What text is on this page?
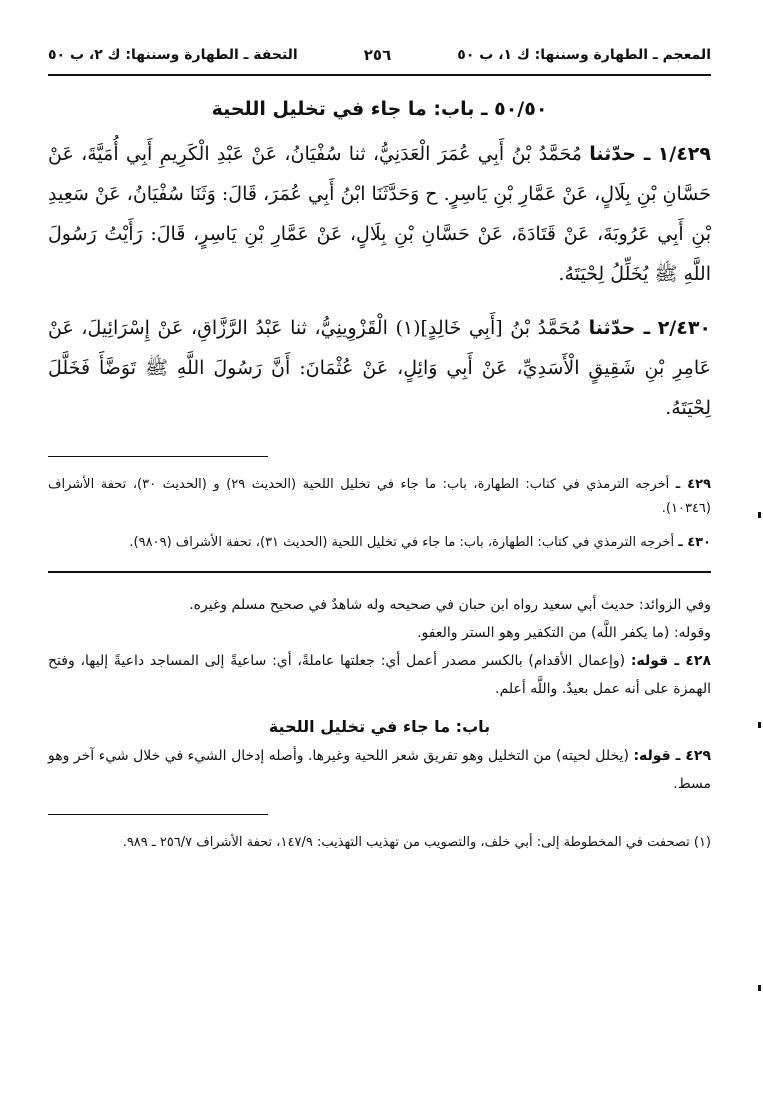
المعجم ـ الطهارة وسننها: ك ١، ب ٥٠
٢٥٦
التحفة ـ الطهارة وسننها: ك ٢، ب ٥٠
٥٠/٥٠ ـ باب: ما جاء في تخليل اللحية

١/٤٢٩ ـ حدّثنا مُحَمَّدُ بْنُ أَبِي عُمَرَ الْعَدَنِيُّ، ثنا سُفْيَانُ، عَنْ عَبْدِ الْكَرِيمِ أَبِي أُمَيَّةَ، عَنْ حَسَّانِ بْنِ بِلَالٍ، عَنْ عَمَّارِ بْنِ يَاسِرٍ. ح وَحَدَّثَنَا ابْنُ أَبِي عُمَرَ، قَالَ: وَثَنَا سُفْيَانُ، عَنْ سَعِيدِ بْنِ أَبِي عَرُوبَةَ، عَنْ قَتَادَةَ، عَنْ حَسَّانِ بْنِ بِلَالٍ، عَنْ عَمَّارِ بْنِ يَاسِرٍ، قَالَ: رَأَيْتُ رَسُولَ اللَّهِ ﷺ يُخَلِّلُ لِحْيَتَهُ.

٢/٤٣٠ ـ حدّثنا مُحَمَّدُ بْنُ [أَبِي خَالِدٍ](١) الْقَزْوِينِيُّ، ثنا عَبْدُ الرَّزَّاقِ، عَنْ إِسْرَائِيلَ، عَنْ عَامِرِ بْنِ شَقِيقٍ الْأَسَدِيِّ، عَنْ أَبِي وَائِلٍ، عَنْ عُثْمَانَ: أَنَّ رَسُولَ اللَّهِ ﷺ تَوَضَّأَ فَخَلَّلَ لِحْيَتَهُ.

٤٢٩ ـ أخرجه الترمذي في كتاب: الطهارة، باب: ما جاء في تخليل اللحية (الحديث ٢٩) و (الحديث ٣٠)، تحفة الأشراف (١٠٣٤٦).

٤٣٠ ـ أخرجه الترمذي في كتاب: الطهارة، باب: ما جاء في تخليل اللحية (الحديث ٣١)، تحفة الأشراف (٩٨٠٩).

وفي الزوائد: حديث أبي سعيد رواه ابن حبان في صحيحه وله شاهدٌ في صحيح مسلم وغيره.

وقوله: (ما يكفر اللَّه) من التكفير وهو الستر والعفو.

٤٢٨ ـ قوله: (وإعمال الأقدام) بالكسر مصدر أعمل أي: جعلتها عاملةً، أي: ساعيةً إلى المساجد داعيةً إليها، وفتح الهمزة على أنه عمل بعيدٌ. واللَّه أعلم.

باب: ما جاء في تخليل اللحية

٤٢٩ ـ قوله: (يخلل لحيته) من التخليل وهو تفريق شعر اللحية وغيرها. وأصله إدخال الشيء في خلال شيء آخر وهو مسط.

(١) تصحفت في المخطوطة إلى: أبي خلف، والتصويب من تهذيب التهذيب: ١٤٧/٩، تحفة الأشراف ٢٥٦/٧ ـ ٩٨٩.
